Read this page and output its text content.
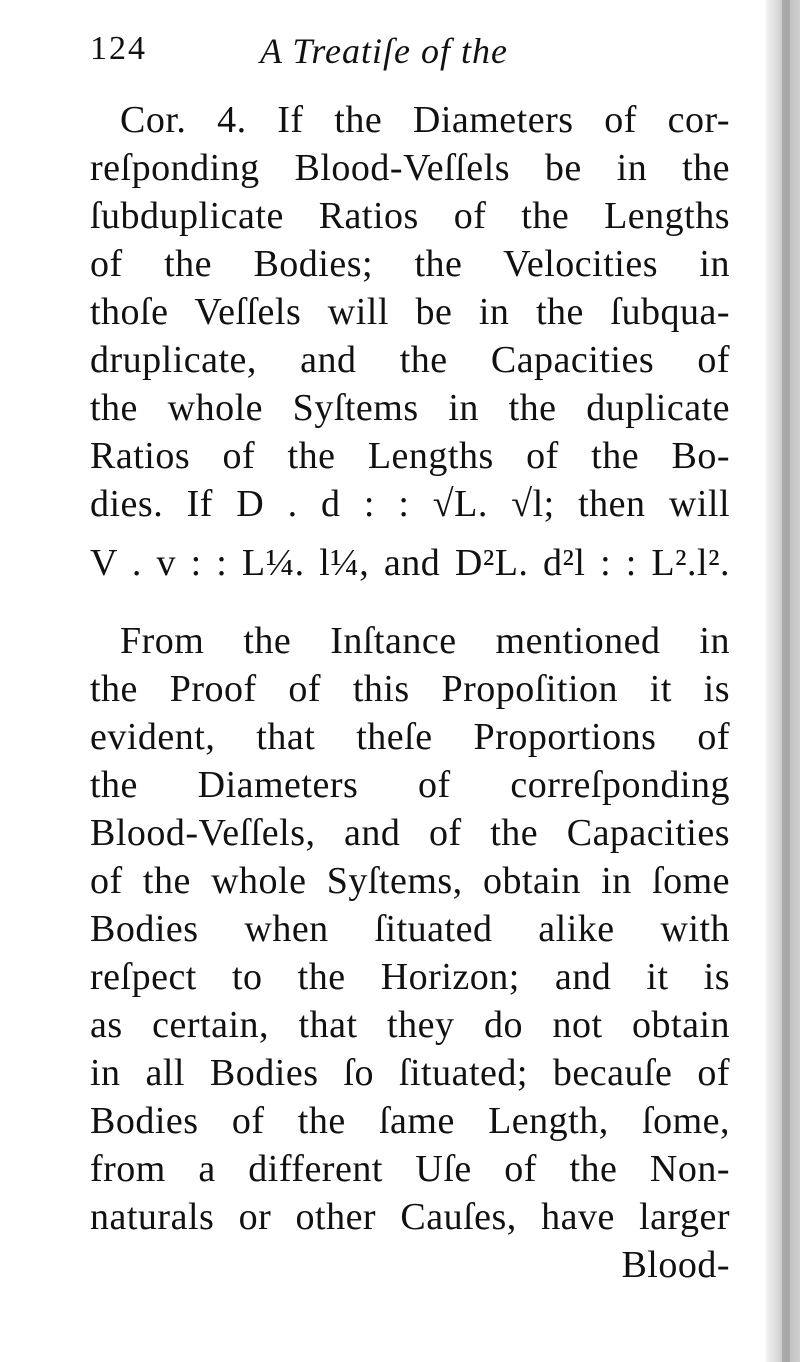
124	A Treatiſe of the
Cor. 4. If the Diameters of cor-
reſponding Blood-Veſſels be in the
ſubduplicate Ratios of the Lengths
of the Bodies; the Velocities in
thoſe Veſſels will be in the ſubqua-
druplicate, and the Capacities of
the whole Syſtems in the duplicate
Ratios of the Lengths of the Bo-
dies. If D . d : : √L. √l; then will
V . v : : L¼. l¼, and D²L. d²l : : L².l².
From the Inſtance mentioned in
the Proof of this Propoſition it is
evident, that theſe Proportions of
the Diameters of correſponding
Blood-Veſſels, and of the Capacities
of the whole Syſtems, obtain in ſome
Bodies when ſituated alike with
reſpect to the Horizon; and it is
as certain, that they do not obtain
in all Bodies ſo ſituated; becauſe of
Bodies of the ſame Length, ſome,
from a different Uſe of the Non-
naturals or other Cauſes, have larger
Blood-
